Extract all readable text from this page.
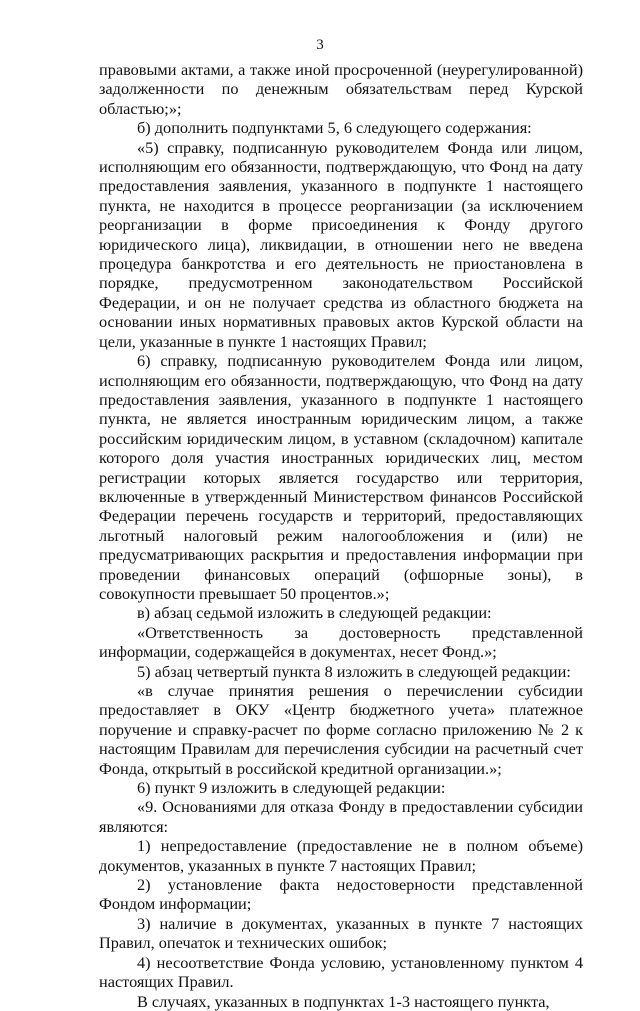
3

правовыми актами, а также иной просроченной (неурегулированной) задолженности по денежным обязательствам перед Курской областью;»;

б) дополнить подпунктами 5, 6 следующего содержания:

«5) справку, подписанную руководителем Фонда или лицом, исполняющим его обязанности, подтверждающую, что Фонд на дату предоставления заявления, указанного в подпункте 1 настоящего пункта, не находится в процессе реорганизации (за исключением реорганизации в форме присоединения к Фонду другого юридического лица), ликвидации, в отношении него не введена процедура банкротства и его деятельность не приостановлена в порядке, предусмотренном законодательством Российской Федерации, и он не получает средства из областного бюджета на основании иных нормативных правовых актов Курской области на цели, указанные в пункте 1 настоящих Правил;

6) справку, подписанную руководителем Фонда или лицом, исполняющим его обязанности, подтверждающую, что Фонд на дату предоставления заявления, указанного в подпункте 1 настоящего пункта, не является иностранным юридическим лицом, а также российским юридическим лицом, в уставном (складочном) капитале которого доля участия иностранных юридических лиц, местом регистрации которых является государство или территория, включенные в утвержденный Министерством финансов Российской Федерации перечень государств и территорий, предоставляющих льготный налоговый режим налогообложения и (или) не предусматривающих раскрытия и предоставления информации при проведении финансовых операций (офшорные зоны), в совокупности превышает 50 процентов.»;

в) абзац седьмой изложить в следующей редакции:

«Ответственность за достоверность представленной информации, содержащейся в документах, несет Фонд.»;

5) абзац четвертый пункта 8 изложить в следующей редакции:

«в случае принятия решения о перечислении субсидии предоставляет в ОКУ «Центр бюджетного учета» платежное поручение и справку-расчет по форме согласно приложению № 2 к настоящим Правилам для перечисления субсидии на расчетный счет Фонда, открытый в российской кредитной организации.»;

6) пункт 9 изложить в следующей редакции:

«9. Основаниями для отказа Фонду в предоставлении субсидии являются:

1) непредоставление (предоставление не в полном объеме) документов, указанных в пункте 7 настоящих Правил;

2) установление факта недостоверности представленной Фондом информации;

3) наличие в документах, указанных в пункте 7 настоящих Правил, опечаток и технических ошибок;

4) несоответствие Фонда условию, установленному пунктом 4 настоящих Правил.

В случаях, указанных в подпунктах 1-3 настоящего пункта,
